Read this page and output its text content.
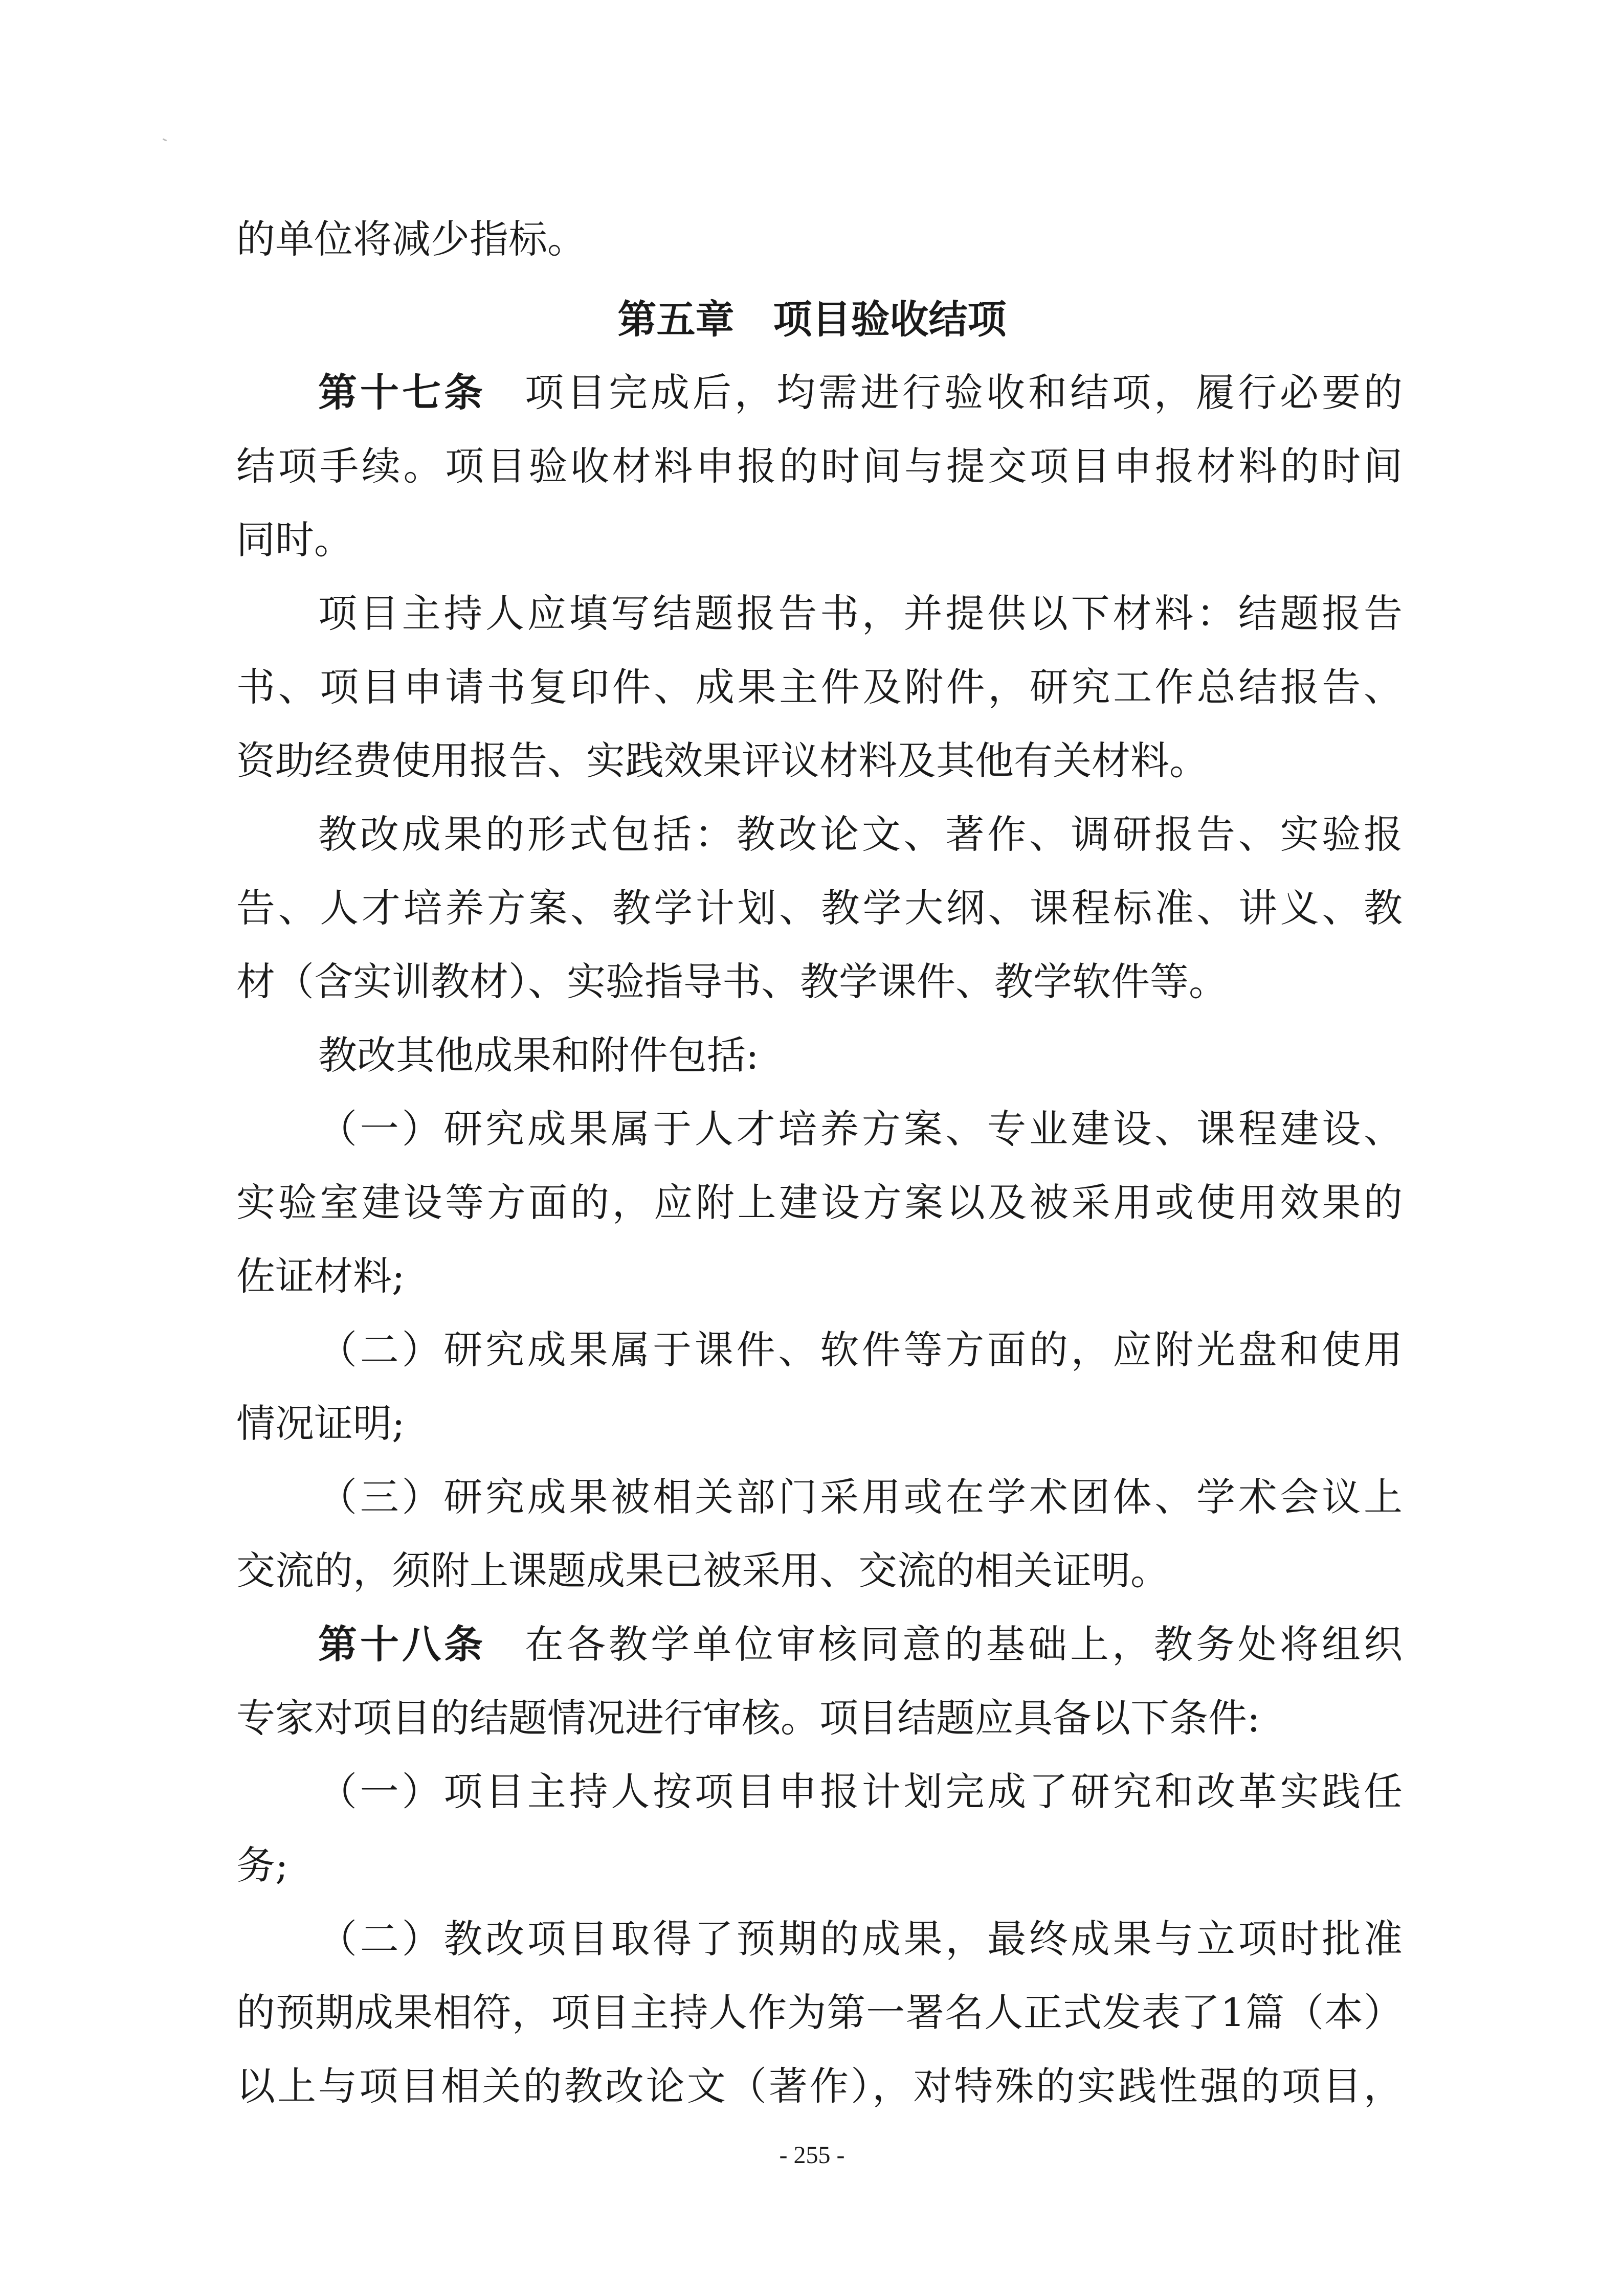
的单位将减少指标。

第五章 项目验收结项

第十七条 项目完成后，均需进行验收和结项，履行必要的

结项手续。项目验收材料申报的时间与提交项目申报材料的时间

同时。

项目主持人应填写结题报告书，并提供以下材料：结题报告

书、项目申请书复印件、成果主件及附件，研究工作总结报告、

资助经费使用报告、实践效果评议材料及其他有关材料。

教改成果的形式包括：教改论文、著作、调研报告、实验报

告、人才培养方案、教学计划、教学大纲、课程标准、讲义、教

材（含实训教材）、实验指导书、教学课件、教学软件等。

教改其他成果和附件包括:

（一）研究成果属于人才培养方案、专业建设、课程建设、

实验室建设等方面的，应附上建设方案以及被采用或使用效果的

佐证材料;

（二）研究成果属于课件、软件等方面的，应附光盘和使用

情况证明;

（三）研究成果被相关部门采用或在学术团体、学术会议上

交流的，须附上课题成果已被采用、交流的相关证明。

第十八条 在各教学单位审核同意的基础上，教务处将组织

专家对项目的结题情况进行审核。项目结题应具备以下条件:

（一）项目主持人按项目申报计划完成了研究和改革实践任

务;

（二）教改项目取得了预期的成果，最终成果与立项时批准

的预期成果相符，项目主持人作为第一署名人正式发表了1篇（本）

以上与项目相关的教改论文（著作），对特殊的实践性强的项目，

- 255 -
